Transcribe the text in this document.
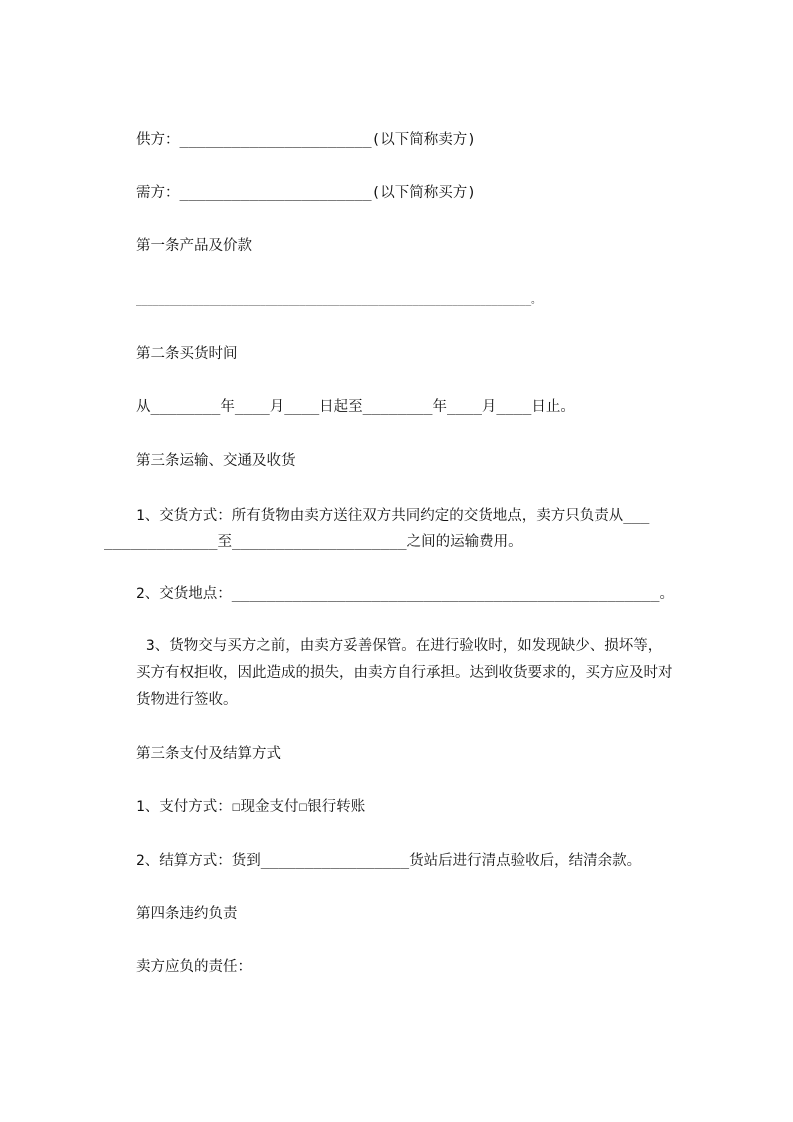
供方：______________________(以下简称卖方)
需方：______________________(以下简称买方)
第一条产品及价款
______________________________________________________________________。
第二条买货时间
从________年____月____日起至________年____月____日止。
第三条运输、交通及收货
1、交货方式：所有货物由卖方送往双方共同约定的交货地点，卖方只负责从___
_____________至____________________之间的运输费用。
2、交货地点：_________________________________________________。
3、货物交与买方之前，由卖方妥善保管。在进行验收时，如发现缺少、损坏等，
买方有权拒收，因此造成的损失，由卖方自行承担。达到收货要求的，买方应及时对
货物进行签收。
第三条支付及结算方式
1、支付方式：☐现金支付☐银行转账
2、结算方式：货到_________________货站后进行清点验收后，结清余款。
第四条违约负责
卖方应负的责任：
